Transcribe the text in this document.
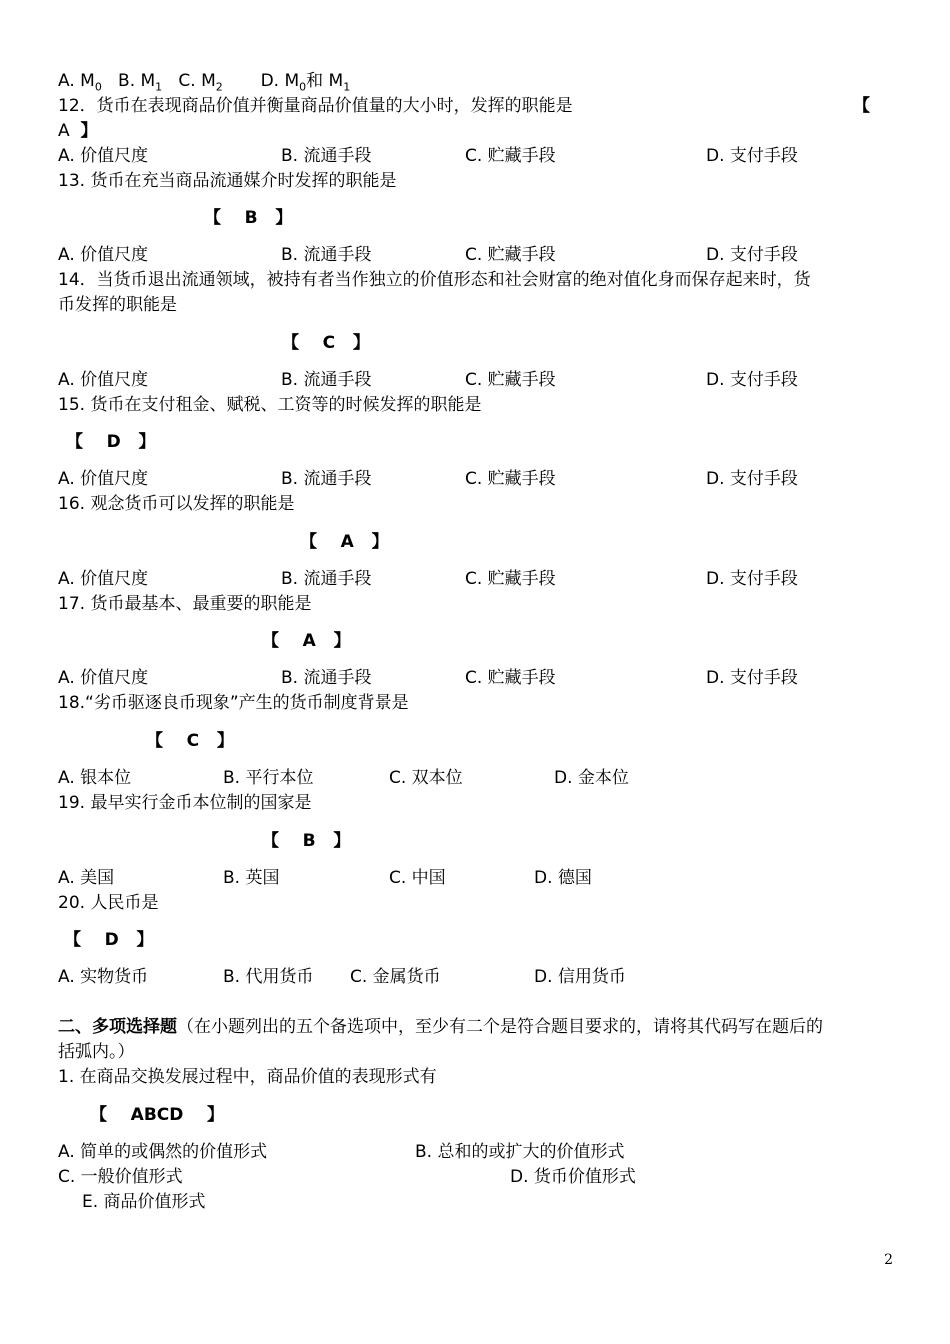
A. $M_0$ B. $M_1$ C. $M_2$ D. $M_0$和 $M_1$
12．货币在表现商品价值并衡量商品价值量的大小时，发挥的职能是	【
A 】
A. 价值尺度	B. 流通手段	C. 贮藏手段	D. 支付手段
13. 货币在充当商品流通媒介时发挥的职能是
【    B   】
A. 价值尺度	B. 流通手段	C. 贮藏手段	D. 支付手段
14．当货币退出流通领域，被持有者当作独立的价值形态和社会财富的绝对值化身而保存起来时，货
币发挥的职能是
【    C   】
A. 价值尺度	B. 流通手段	C. 贮藏手段	D. 支付手段
15. 货币在支付租金、赋税、工资等的时候发挥的职能是
【    D   】
A. 价值尺度	B. 流通手段	C. 贮藏手段	D. 支付手段
16. 观念货币可以发挥的职能是
【    A   】
A. 价值尺度	B. 流通手段	C. 贮藏手段	D. 支付手段
17. 货币最基本、最重要的职能是
【    A   】
A. 价值尺度	B. 流通手段	C. 贮藏手段	D. 支付手段
18.“劣币驱逐良币现象”产生的货币制度背景是
【    C   】
A. 银本位	B. 平行本位	C. 双本位	D. 金本位
19. 最早实行金币本位制的国家是
【    B   】
A. 美国	B. 英国	C. 中国	D. 德国
20. 人民币是
【    D   】
A. 实物货币	B. 代用货币 C. 金属货币	D. 信用货币
二、多项选择题（在小题列出的五个备选项中，至少有二个是符合题目要求的，请将其代码写在题后的
括弧内。）
1. 在商品交换发展过程中，商品价值的表现形式有
【    ABCD    】
A. 简单的或偶然的价值形式	B. 总和的或扩大的价值形式
C. 一般价值形式	D. 货币价值形式
E. 商品价值形式
2
